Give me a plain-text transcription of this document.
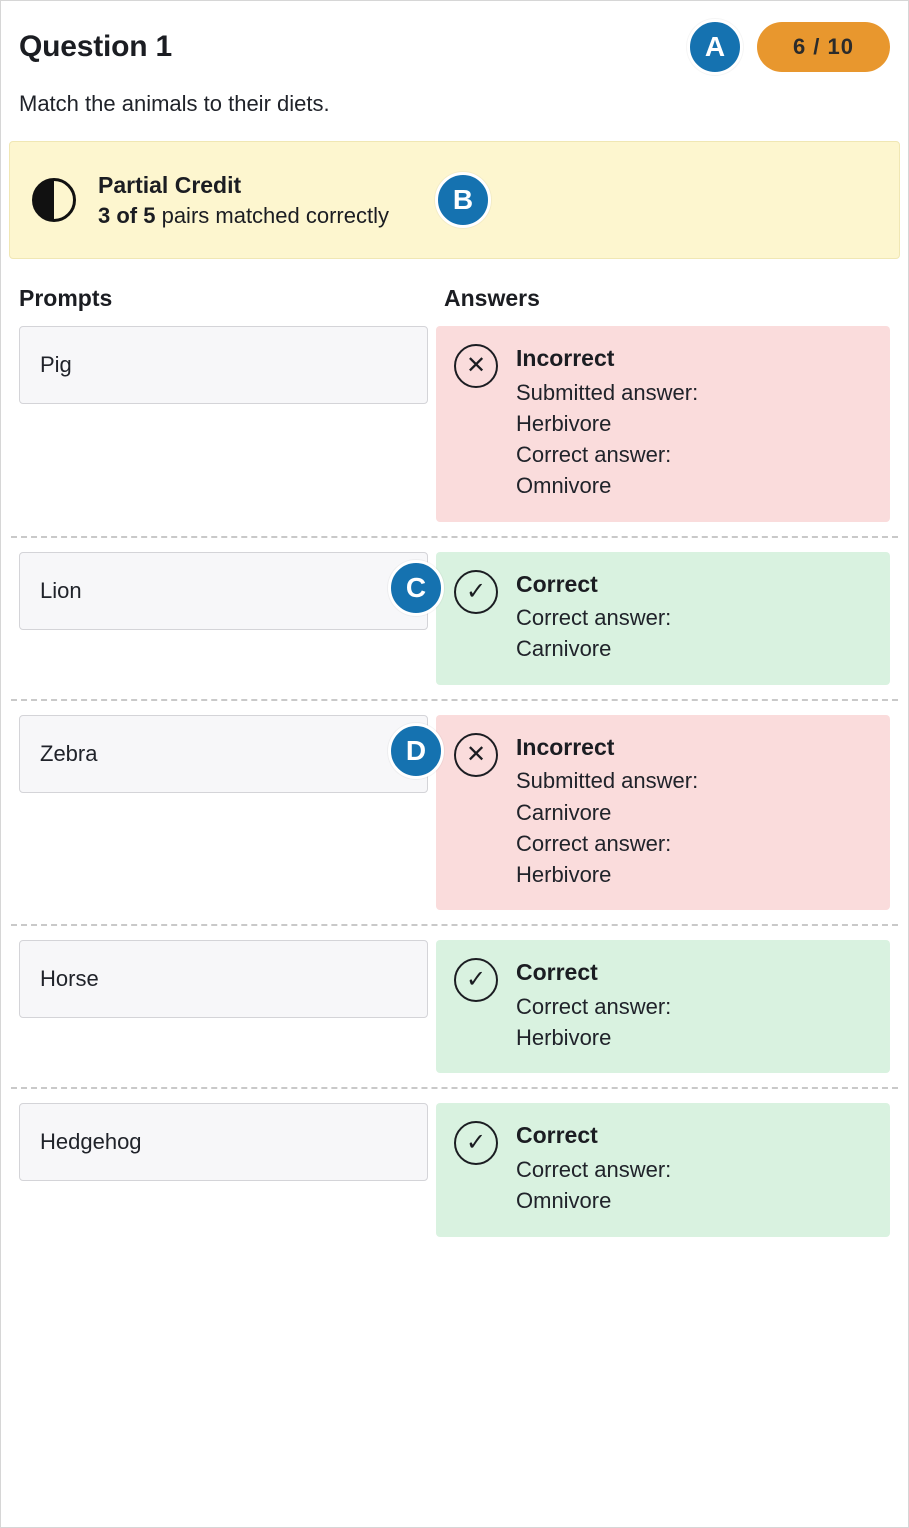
Question 1	A	6 / 10
Match the animals to their diets.
Partial Credit
3 of 5 pairs matched correctly
B
Prompts	Answers
Pig	✕	Incorrect
Submitted answer:
Herbivore
Correct answer:
Omnivore
C
Lion	✓	Correct
Correct answer:
Carnivore
D
Zebra	✕	Incorrect
Submitted answer:
Carnivore
Correct answer:
Herbivore
Horse	✓	Correct
Correct answer:
Herbivore
Hedgehog	✓	Correct
Correct answer:
Omnivore
